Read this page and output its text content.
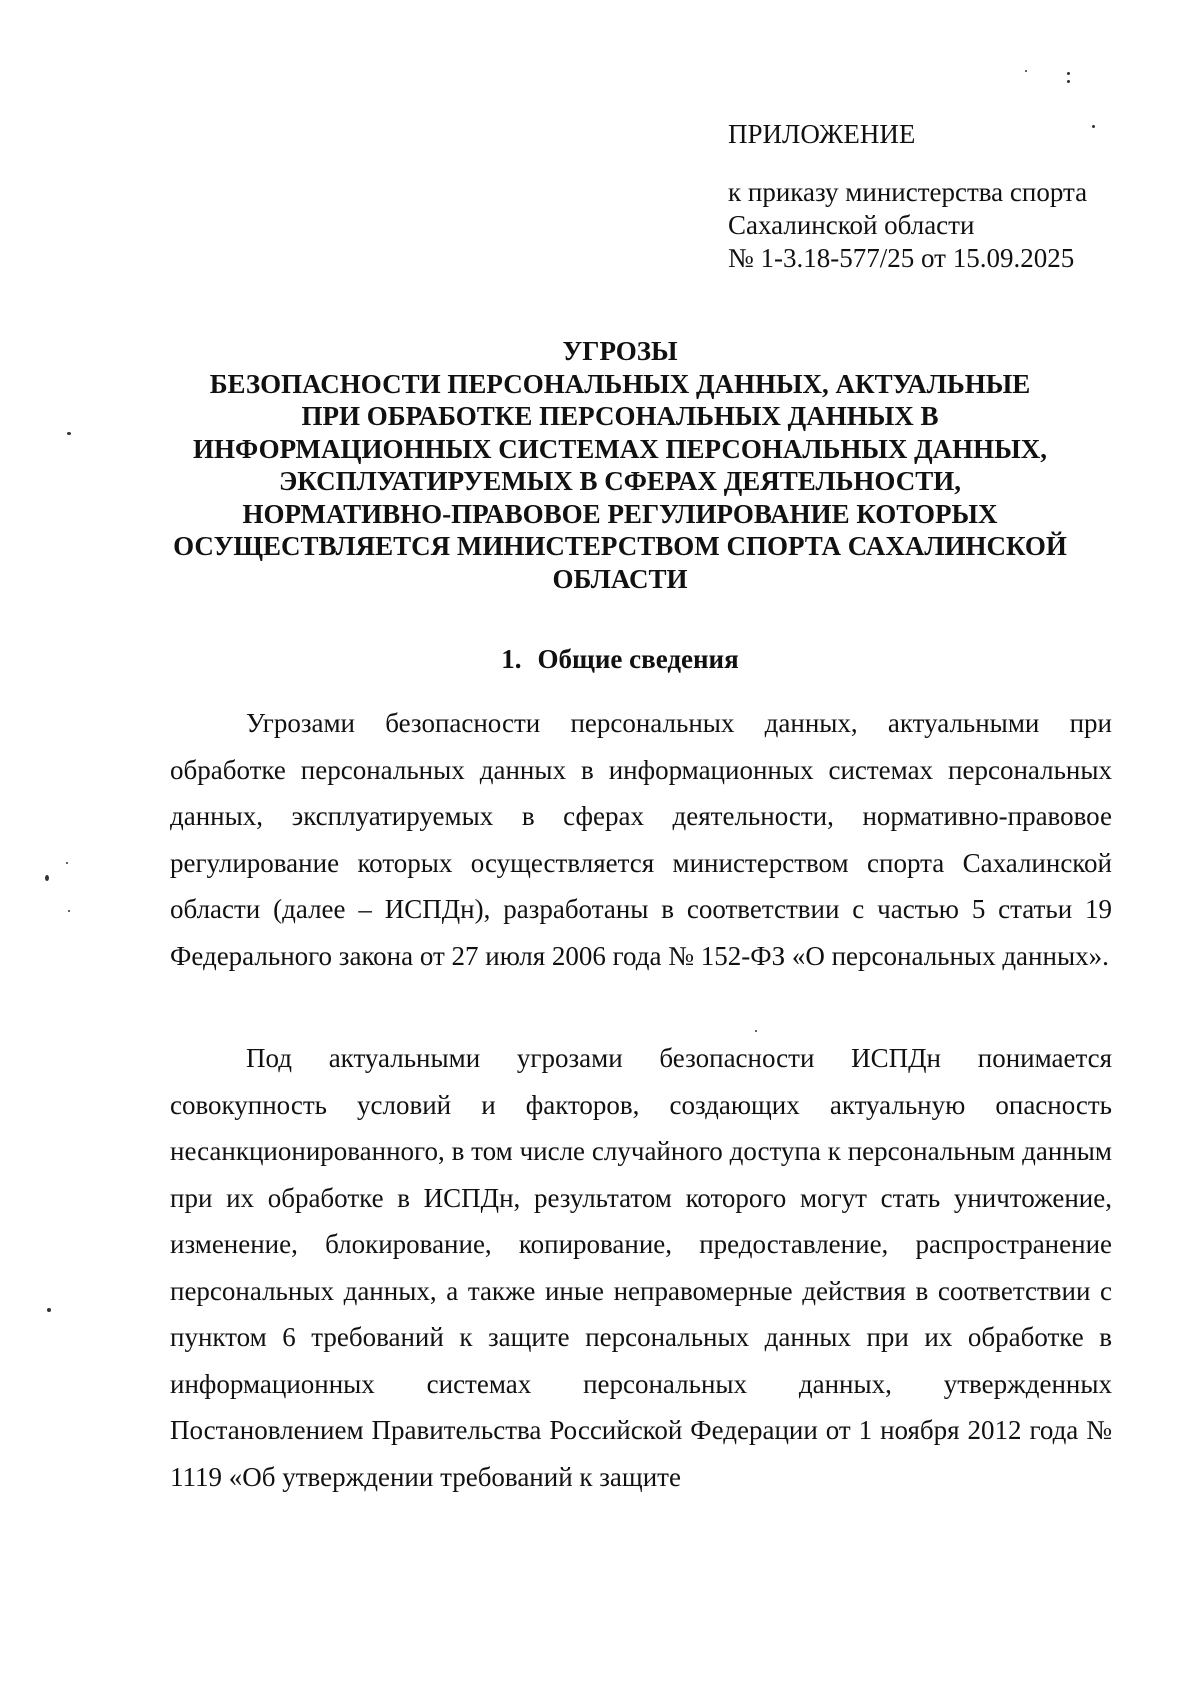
ПРИЛОЖЕНИЕ
к приказу министерства спорта
Сахалинской области
№ 1-3.18-577/25 от 15.09.2025
УГРОЗЫ
БЕЗОПАСНОСТИ ПЕРСОНАЛЬНЫХ ДАННЫХ, АКТУАЛЬНЫЕ
ПРИ ОБРАБОТКЕ ПЕРСОНАЛЬНЫХ ДАННЫХ В
ИНФОРМАЦИОННЫХ СИСТЕМАХ ПЕРСОНАЛЬНЫХ ДАННЫХ,
ЭКСПЛУАТИРУЕМЫХ В СФЕРАХ ДЕЯТЕЛЬНОСТИ,
НОРМАТИВНО-ПРАВОВОЕ РЕГУЛИРОВАНИЕ КОТОРЫХ
ОСУЩЕСТВЛЯЕТСЯ МИНИСТЕРСТВОМ СПОРТА САХАЛИНСКОЙ
ОБЛАСТИ
1. Общие сведения

Угрозами безопасности персональных данных, актуальными при обработке персональных данных в информационных системах персональных данных, эксплуатируемых в сферах деятельности, нормативно-правовое регулирование которых осуществляется министерством спорта Сахалинской области (далее – ИСПДн), разработаны в соответствии с частью 5 статьи 19 Федерального закона от 27 июля 2006 года № 152-ФЗ «О персональных данных».

Под актуальными угрозами безопасности ИСПДн понимается совокупность условий и факторов, создающих актуальную опасность несанкционированного, в том числе случайного доступа к персональным данным при их обработке в ИСПДн, результатом которого могут стать уничтожение, изменение, блокирование, копирование, предоставление, распространение персональных данных, а также иные неправомерные действия в соответствии с пунктом 6 требований к защите персональных данных при их обработке в информационных системах персональных данных, утвержденных Постановлением Правительства Российской Федерации от 1 ноября 2012 года № 1119 «Об утверждении требований к защите
